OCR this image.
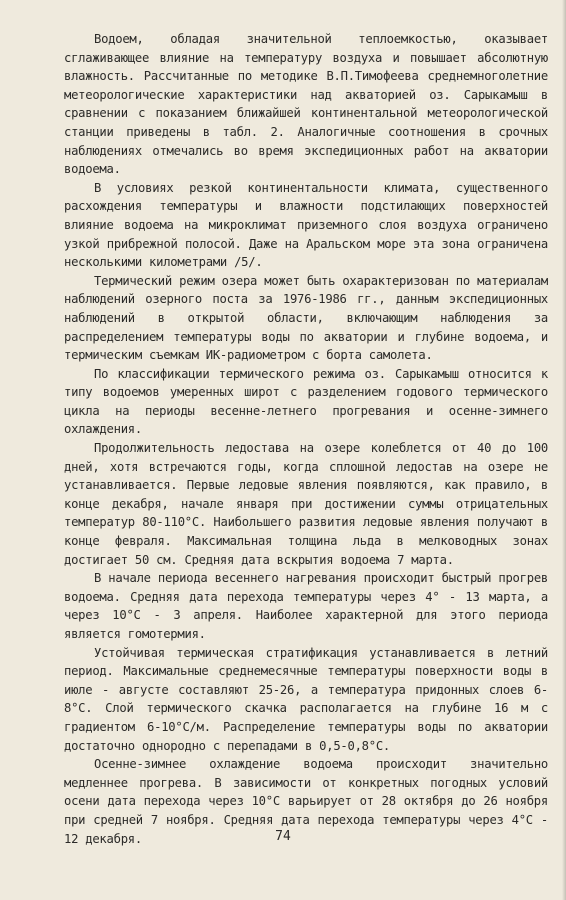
Водоем, обладая значительной теплоемкостью, оказывает сглаживающее влияние на температуру воздуха и повышает абсолютную влажность. Рассчитанные по методике В.П.Тимофеева среднемноголетние метеорологические характеристики над акваторией оз. Сарыкамыш в сравнении с показанием ближайшей континентальной метеорологической станции приведены в табл. 2. Аналогичные соотношения в срочных наблюдениях отмечались во время экспедиционных работ на акватории водоема.

В условиях резкой континентальности климата, существенного расхождения температуры и влажности подстилающих поверхностей влияние водоема на микроклимат приземного слоя воздуха ограничено узкой прибрежной полосой. Даже на Аральском море эта зона ограничена несколькими километрами /5/.

Термический режим озера может быть охарактеризован по материалам наблюдений озерного поста за 1976-1986 гг., данным экспедиционных наблюдений в открытой области, включающим наблюдения за распределением температуры воды по акватории и глубине водоема, и термическим съемкам ИК-радиометром с борта самолета.

По классификации термического режима оз. Сарыкамыш относится к типу водоемов умеренных широт с разделением годового термического цикла на периоды весенне-летнего прогревания и осенне-зимнего охлаждения.

Продолжительность ледостава на озере колеблется от 40 до 100 дней, хотя встречаются годы, когда сплошной ледостав на озере не устанавливается. Первые ледовые явления появляются, как правило, в конце декабря, начале января при достижении суммы отрицательных температур 80-110°С. Наибольшего развития ледовые явления получают в конце февраля. Максимальная толщина льда в мелководных зонах достигает 50 см. Средняя дата вскрытия водоема 7 марта.

В начале периода весеннего нагревания происходит быстрый прогрев водоема. Средняя дата перехода температуры через 4° - 13 марта, а через 10°С - 3 апреля. Наиболее характерной для этого периода является гомотермия.

Устойчивая термическая стратификация устанавливается в летний период. Максимальные среднемесячные температуры поверхности воды в июле - августе составляют 25-26, а температура придонных слоев 6-8°С. Слой термического скачка располагается на глубине 16 м с градиентом 6-10°С/м. Распределение температуры воды по акватории достаточно однородно с перепадами в 0,5-0,8°С.

Осенне-зимнее охлаждение водоема происходит значительно медленнее прогрева. В зависимости от конкретных погодных условий осени дата перехода через 10°С варьирует от 28 октября до 26 ноября при средней 7 ноября. Средняя дата перехода температуры через 4°С - 12 декабря.	74
